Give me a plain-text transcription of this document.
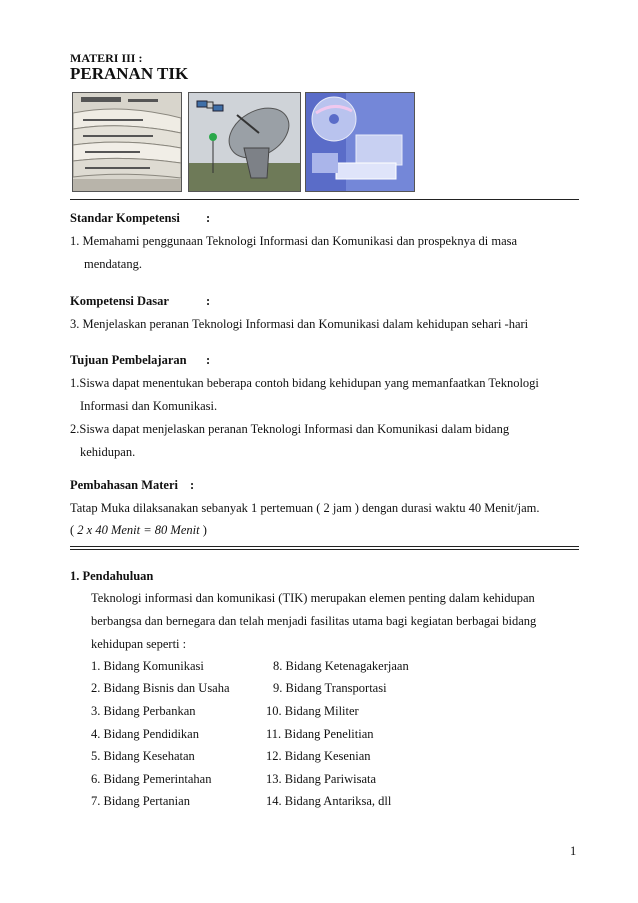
MATERI III :
PERANAN TIK
Standar Kompetensi :
1. Memahami penggunaan Teknologi Informasi dan Komunikasi dan prospeknya di masa
mendatang.
Kompetensi Dasar	:
3. Menjelaskan peranan Teknologi Informasi dan Komunikasi dalam kehidupan sehari -hari
Tujuan Pembelajaran :
1.Siswa dapat menentukan beberapa contoh bidang kehidupan yang memanfaatkan Teknologi
Informasi dan Komunikasi.
2.Siswa dapat menjelaskan peranan Teknologi Informasi dan Komunikasi dalam bidang
kehidupan.
Pembahasan Materi :
Tatap Muka dilaksanakan sebanyak 1 pertemuan ( 2 jam ) dengan durasi waktu 40 Menit/jam.
( 2 x 40 Menit = 80 Menit )
1. Pendahuluan
Teknologi informasi dan komunikasi (TIK) merupakan elemen penting dalam kehidupan
berbangsa dan bernegara dan telah menjadi fasilitas utama bagi kegiatan berbagai bidang
kehidupan seperti :
1. Bidang Komunikasi
2. Bidang Bisnis dan Usaha
3. Bidang Perbankan
4. Bidang Pendidikan
5. Bidang Kesehatan
6. Bidang Pemerintahan
7. Bidang Pertanian
8. Bidang Ketenagakerjaan
9. Bidang Transportasi
10. Bidang Militer
11. Bidang Penelitian
12. Bidang Kesenian
13. Bidang Pariwisata
14. Bidang Antariksa, dll
1
